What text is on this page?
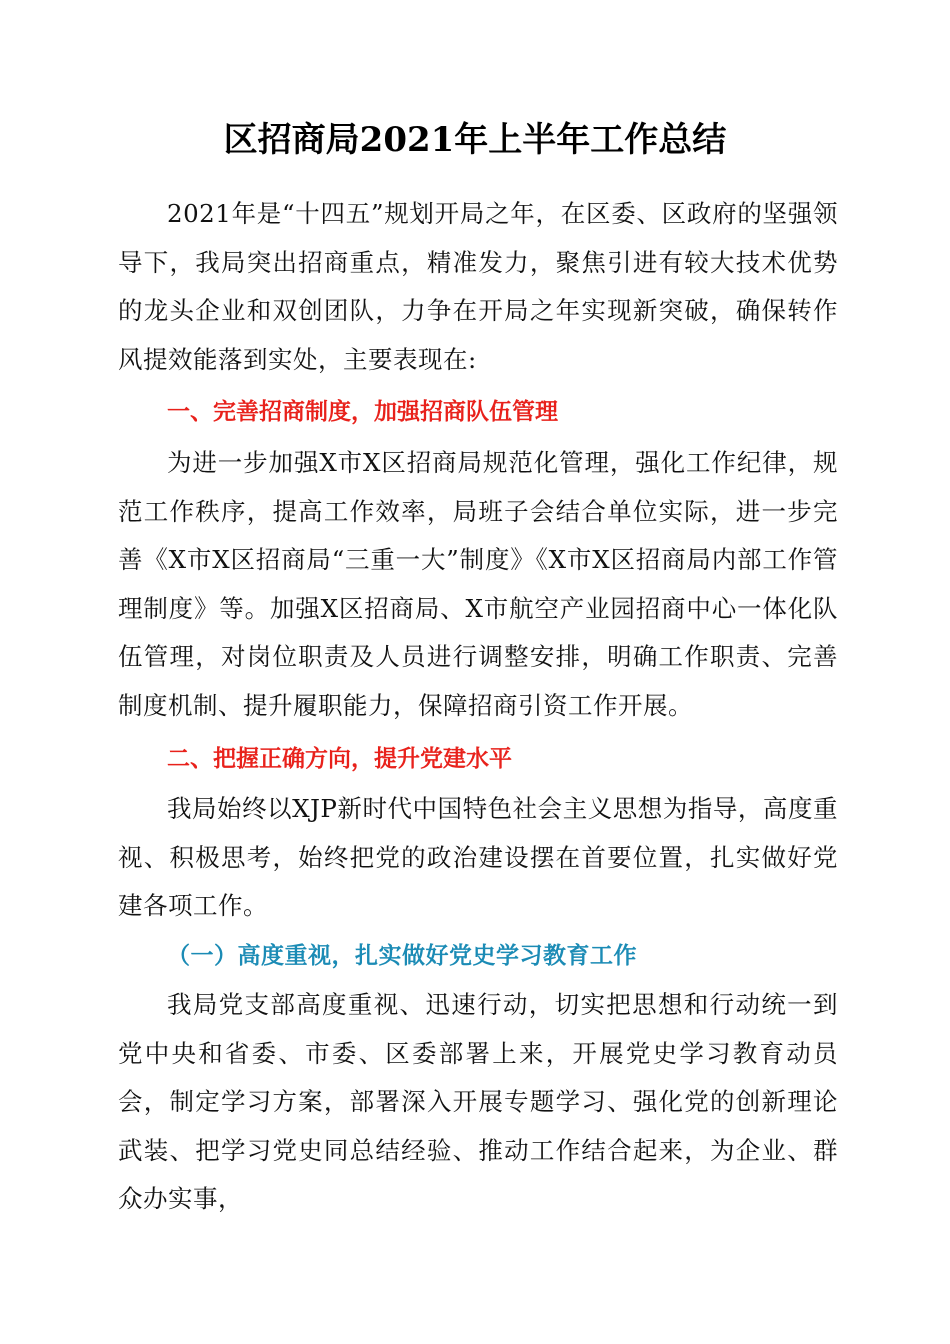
区招商局2021年上半年工作总结

2021年是“十四五”规划开局之年，在区委、区政府的坚强领导下，我局突出招商重点，精准发力，聚焦引进有较大技术优势的龙头企业和双创团队，力争在开局之年实现新突破，确保转作风提效能落到实处，主要表现在:

一、完善招商制度，加强招商队伍管理

为进一步加强X市X区招商局规范化管理，强化工作纪律，规范工作秩序，提高工作效率，局班子会结合单位实际，进一步完善《X市X区招商局“三重一大”制度》《X市X区招商局内部工作管理制度》等。加强X区招商局、X市航空产业园招商中心一体化队伍管理，对岗位职责及人员进行调整安排，明确工作职责、完善制度机制、提升履职能力，保障招商引资工作开展。

二、把握正确方向，提升党建水平

我局始终以XJP新时代中国特色社会主义思想为指导，高度重视、积极思考，始终把党的政治建设摆在首要位置，扎实做好党建各项工作。

（一）高度重视，扎实做好党史学习教育工作

我局党支部高度重视、迅速行动，切实把思想和行动统一到党中央和省委、市委、区委部署上来，开展党史学习教育动员会，制定学习方案，部署深入开展专题学习、强化党的创新理论武装、把学习党史同总结经验、推动工作结合起来，为企业、群众办实事，
